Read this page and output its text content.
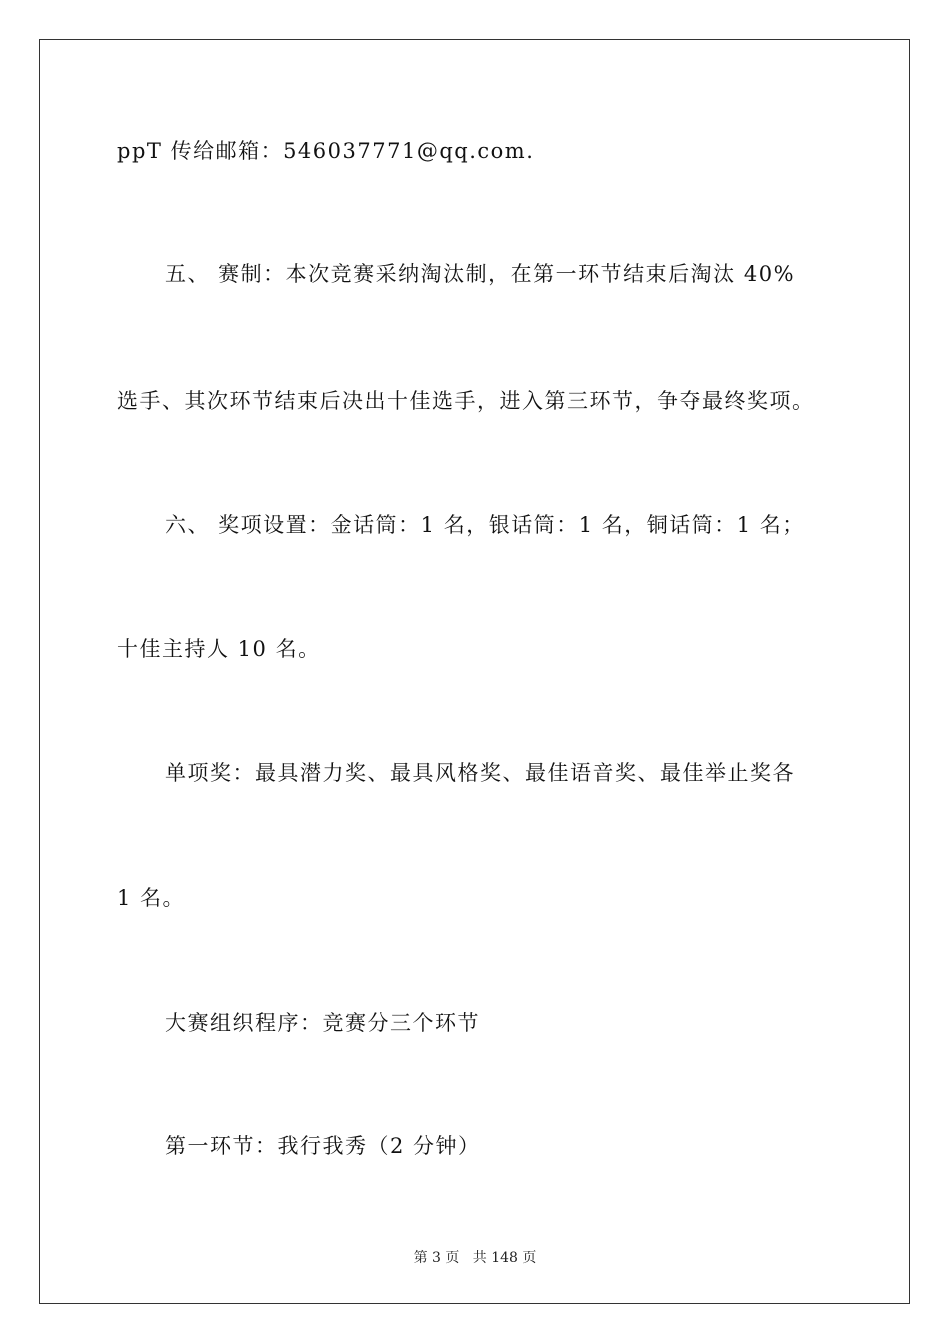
ppT 传给邮箱：546037771@qq.com.
五、 赛制：本次竞赛采纳淘汰制，在第一环节结束后淘汰 40%
选手、其次环节结束后决出十佳选手，进入第三环节，争夺最终奖项。
六、 奖项设置：金话筒：1 名，银话筒：1 名，铜话筒：1 名；
十佳主持人 10 名。
单项奖：最具潜力奖、最具风格奖、最佳语音奖、最佳举止奖各
1 名。
大赛组织程序：竞赛分三个环节
第一环节：我行我秀（2 分钟）
第 3 页 共 148 页
